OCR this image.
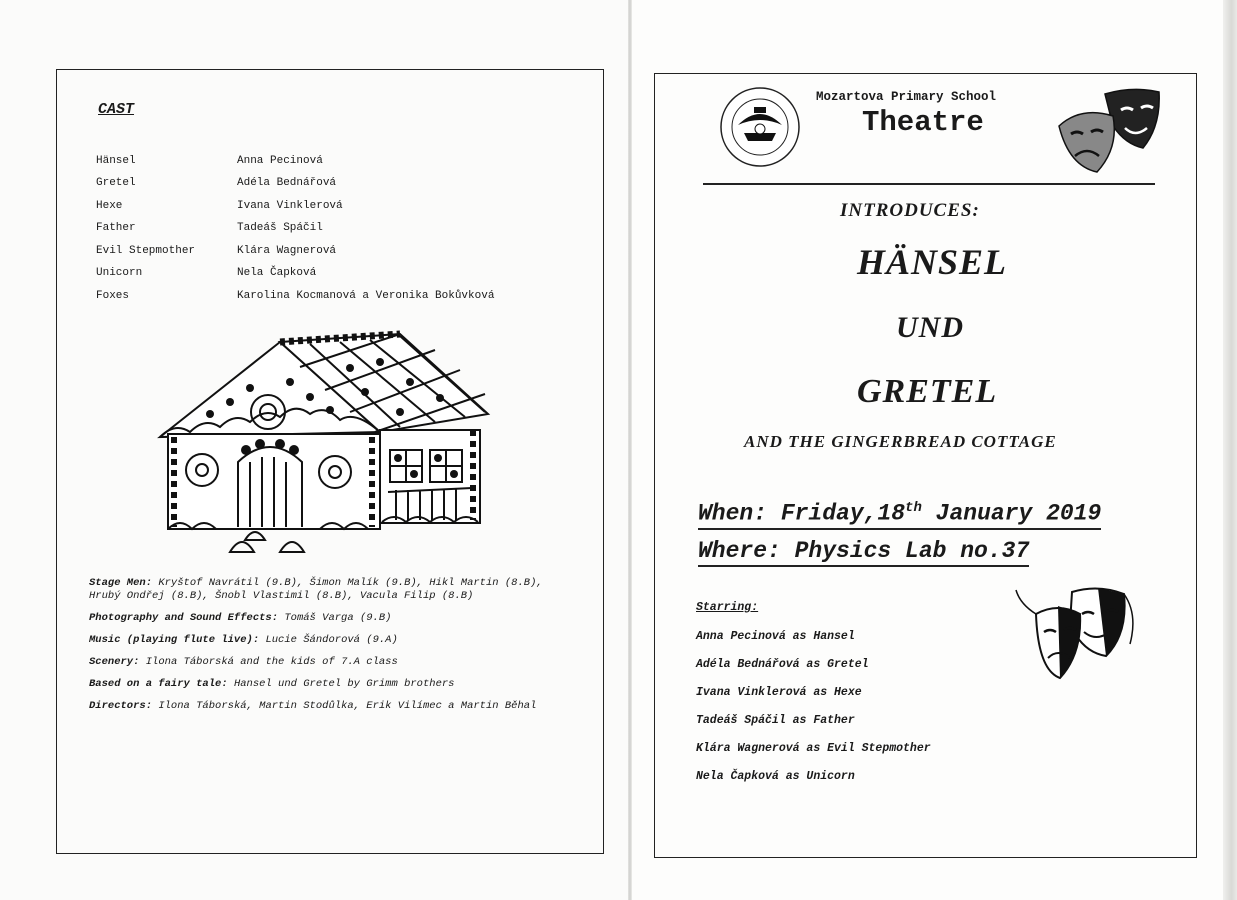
CAST
Hänsel	Anna Pecinová
Gretel	Adéla Bednářová
Hexe	Ivana Vinklerová
Father	Tadeáš Spáčil
Evil Stepmother	Klára Wagnerová
Unicorn	Nela Čapková
Foxes	Karolina Kocmanová a Veronika Bokůvková

Stage Men: Kryštof Navrátil (9.B), Šimon Malík (9.B), Hikl Martin (8.B), Hrubý Ondřej (8.B), Šnobl Vlastimil (8.B), Vacula Filip (8.B)

Photography and Sound Effects: Tomáš Varga (9.B)

Music (playing flute live): Lucie Šándorová (9.A)

Scenery: Ilona Táborská and the kids of 7.A class

Based on a fairy tale: Hansel und Gretel by Grimm brothers

Directors: Ilona Táborská, Martin Stodůlka, Erik Vilímec a Martin Běhal

Mozartova Primary School
Theatre
INTRODUCES:
HÄNSEL
UND
GRETEL
AND THE GINGERBREAD COTTAGE
When: Friday,18th January 2019
Where: Physics Lab no.37
Starring:
Anna Pecinová as Hansel
Adéla Bednářová as Gretel
Ivana Vinklerová as Hexe
Tadeáš Spáčil as Father
Klára Wagnerová as Evil Stepmother
Nela Čapková as Unicorn
